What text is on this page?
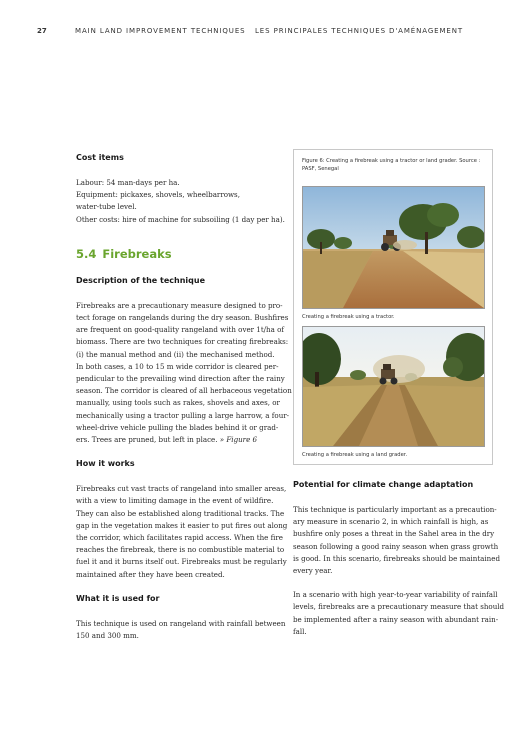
27	MAIN LAND IMPROVEMENT TECHNIQUES LES PRINCIPALES TECHNIQUES D'AMÉNAGEMENT
Cost items

Labour: 54 man-days per ha.

Equipment: pickaxes, shovels, wheelbarrows,

water-tube level.

Other costs: hire of machine for subsoiling (1 day per ha).

5.4 Firebreaks
Description of the technique

Firebreaks are a precautionary measure designed to pro-

tect forage on rangelands during the dry season. Bushfires

are frequent on good-quality rangeland with over 1t/ha of

biomass. There are two techniques for creating firebreaks:

(i) the manual method and (ii) the mechanised method.

In both cases, a 10 to 15 m wide corridor is cleared per-

pendicular to the prevailing wind direction after the rainy

season. The corridor is cleared of all herbaceous vegetation

manually, using tools such as rakes, shovels and axes, or

mechanically using a tractor pulling a large harrow, a four-

wheel-drive vehicle pulling the blades behind it or grad-

ers. Trees are pruned, but left in place. » Figure 6

How it works

Firebreaks cut vast tracts of rangeland into smaller areas,

with a view to limiting damage in the event of wildfire.

They can also be established along traditional tracks. The

gap in the vegetation makes it easier to put fires out along

the corridor, which facilitates rapid access. When the fire

reaches the firebreak, there is no combustible material to

fuel it and it burns itself out. Firebreaks must be regularly

maintained after they have been created.

What it is used for

This technique is used on rangeland with rainfall between

150 and 300 mm.

Figure 6: Creating a firebreak using a tractor or land grader. Source :
PASF, Senegal
Creating a firebreak using a tractor.
Creating a firebreak using a land grader.
Potential for climate change adaptation

This technique is particularly important as a precaution-

ary measure in scenario 2, in which rainfall is high, as

bushfire only poses a threat in the Sahel area in the dry

season following a good rainy season when grass growth

is good. In this scenario, firebreaks should be maintained

every year.

In a scenario with high year-to-year variability of rainfall

levels, firebreaks are a precautionary measure that should

be implemented after a rainy season with abundant rain-

fall.
